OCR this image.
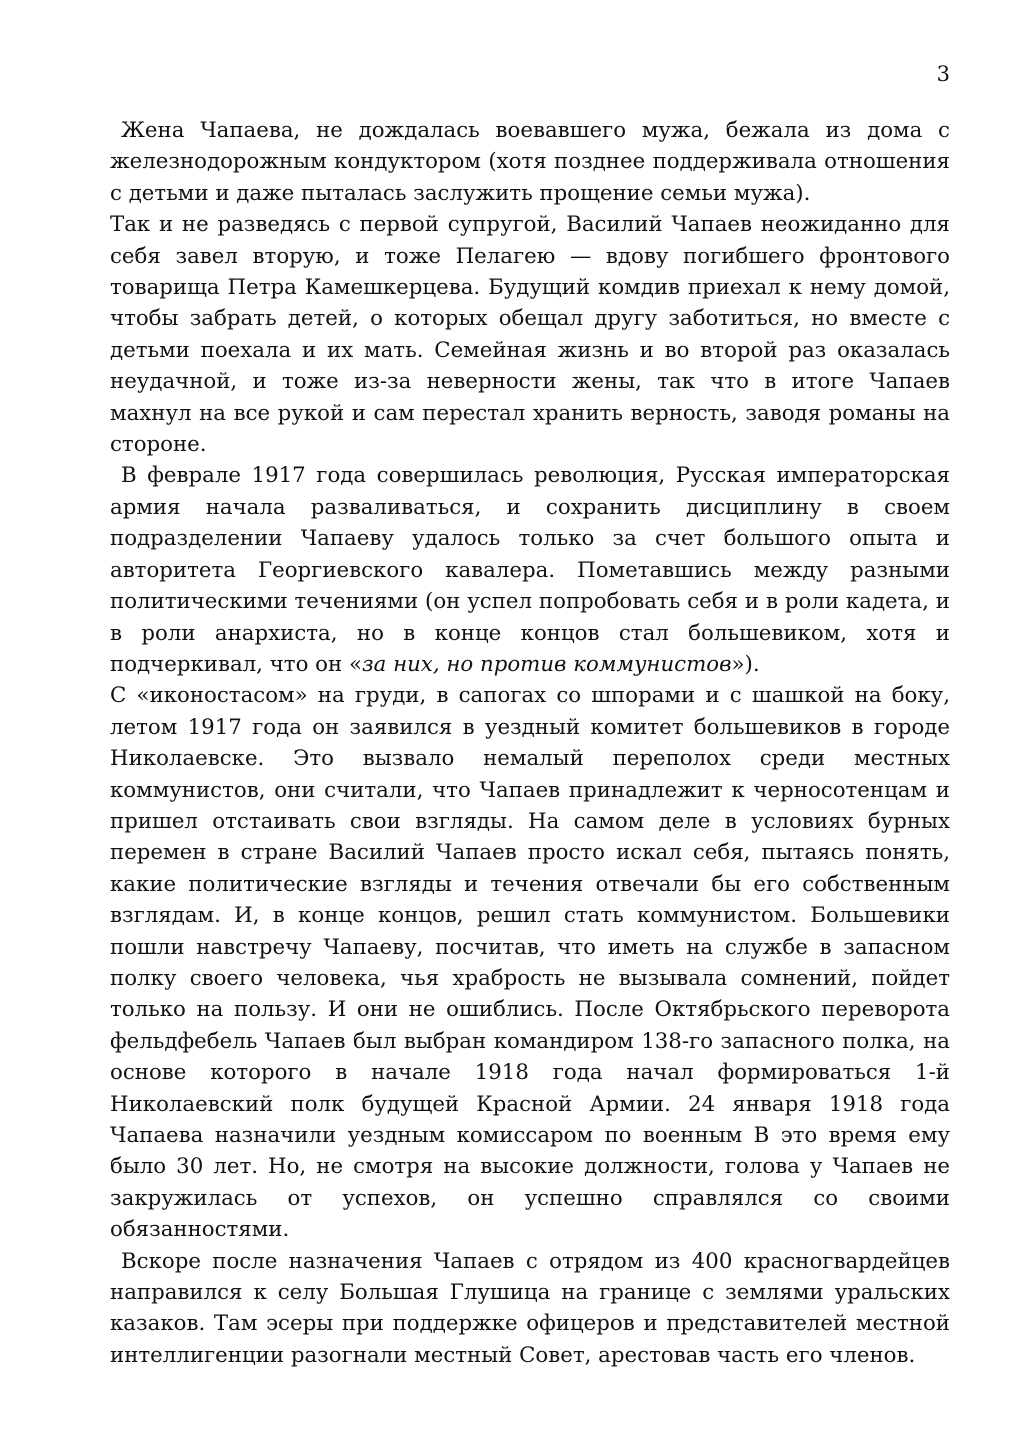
3

Жена Чапаева, не дождалась воевавшего мужа, бежала из дома с железнодорожным кондуктором (хотя позднее поддерживала отношения с детьми и даже пыталась заслужить прощение семьи мужа).

Так и не разведясь с первой супругой, Василий Чапаев неожиданно для себя завел вторую, и тоже Пелагею — вдову погибшего фронтового товарища Петра Камешкерцева. Будущий комдив приехал к нему домой, чтобы забрать детей, о которых обещал другу заботиться, но вместе с детьми поехала и их мать. Семейная жизнь и во второй раз оказалась неудачной, и тоже из-за неверности жены, так что в итоге Чапаев махнул на все рукой и сам перестал хранить верность, заводя романы на стороне.

В феврале 1917 года совершилась революция, Русская императорская армия начала разваливаться, и сохранить дисциплину в своем подразделении Чапаеву удалось только за счет большого опыта и авторитета Георгиевского кавалера. Пометавшись между разными политическими течениями (он успел попробовать себя и в роли кадета, и в роли анархиста, но в конце концов стал большевиком, хотя и подчеркивал, что он «за них, но против коммунистов»).

С «иконостасом» на груди, в сапогах со шпорами и с шашкой на боку, летом 1917 года он заявился в уездный комитет большевиков в городе Николаевске. Это вызвало немалый переполох среди местных коммунистов, они считали, что Чапаев принадлежит к черносотенцам и пришел отстаивать свои взгляды. На самом деле в условиях бурных перемен в стране Василий Чапаев просто искал себя, пытаясь понять, какие политические взгляды и течения отвечали бы его собственным взглядам. И, в конце концов, решил стать коммунистом. Большевики пошли навстречу Чапаеву, посчитав, что иметь на службе в запасном полку своего человека, чья храбрость не вызывала сомнений, пойдет только на пользу. И они не ошиблись. После Октябрьского переворота фельдфебель Чапаев был выбран командиром 138-го запасного полка, на основе которого в начале 1918 года начал формироваться 1-й Николаевский полк будущей Красной Армии. 24 января 1918 года Чапаева назначили уездным комиссаром по военным В это время ему было 30 лет. Но, не смотря на высокие должности, голова у Чапаев не закружилась от успехов, он успешно справлялся со своими обязанностями.

Вскоре после назначения Чапаев с отрядом из 400 красногвардейцев направился к селу Большая Глушица на границе с землями уральских казаков. Там эсеры при поддержке офицеров и представителей местной интеллигенции разогнали местный Совет, арестовав часть его членов.
